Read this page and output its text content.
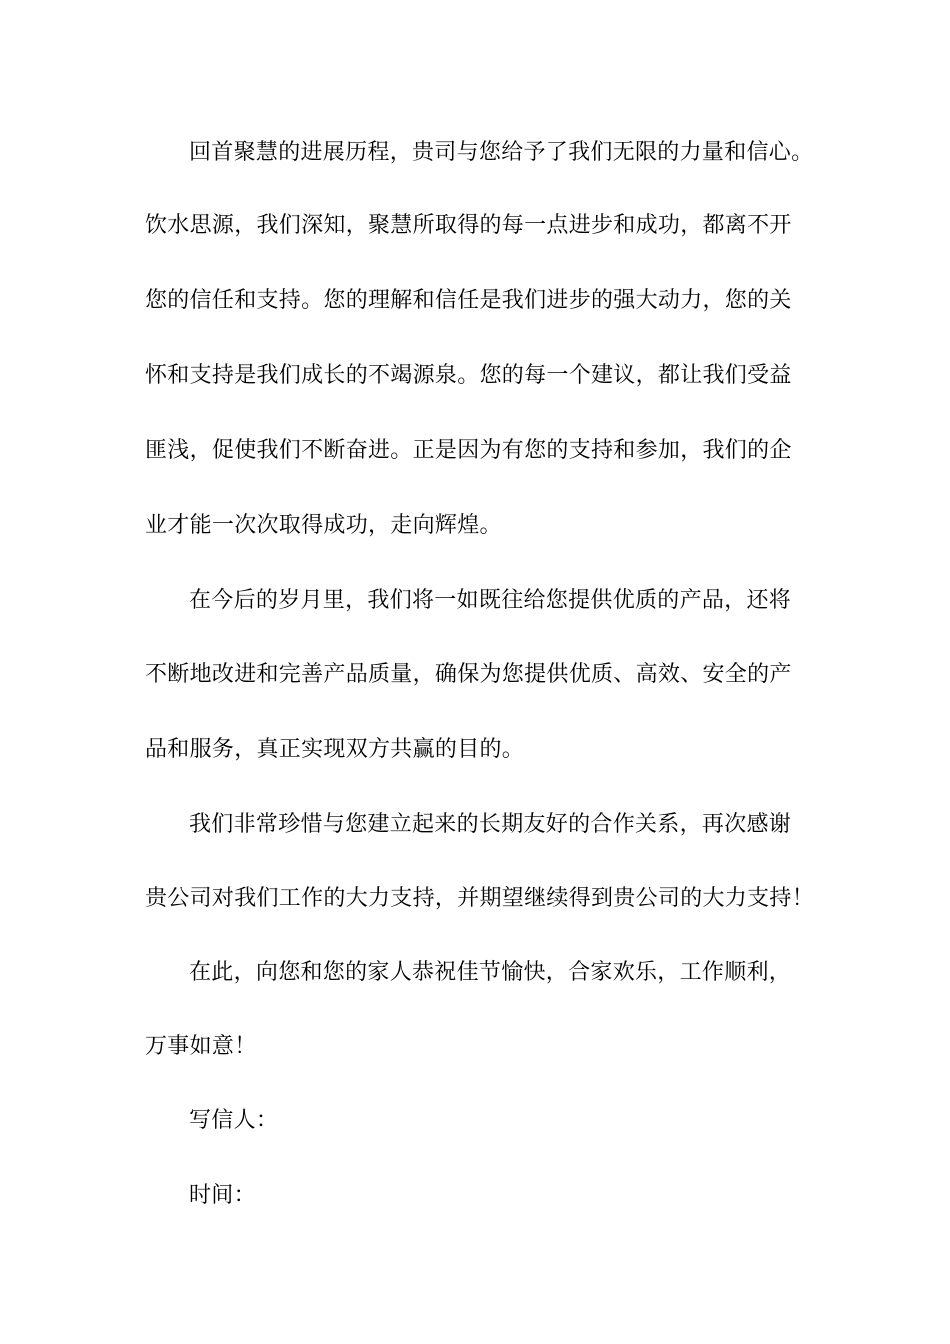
回首聚慧的进展历程，贵司与您给予了我们无限的力量和信心。
饮水思源，我们深知，聚慧所取得的每一点进步和成功，都离不开
您的信任和支持。您的理解和信任是我们进步的强大动力，您的关
怀和支持是我们成长的不竭源泉。您的每一个建议，都让我们受益
匪浅，促使我们不断奋进。正是因为有您的支持和参加，我们的企
业才能一次次取得成功，走向辉煌。
在今后的岁月里，我们将一如既往给您提供优质的产品，还将
不断地改进和完善产品质量，确保为您提供优质、高效、安全的产
品和服务，真正实现双方共赢的目的。
我们非常珍惜与您建立起来的长期友好的合作关系，再次感谢
贵公司对我们工作的大力支持，并期望继续得到贵公司的大力支持！
在此，向您和您的家人恭祝佳节愉快，合家欢乐，工作顺利，
万事如意！
写信人：
时间：
